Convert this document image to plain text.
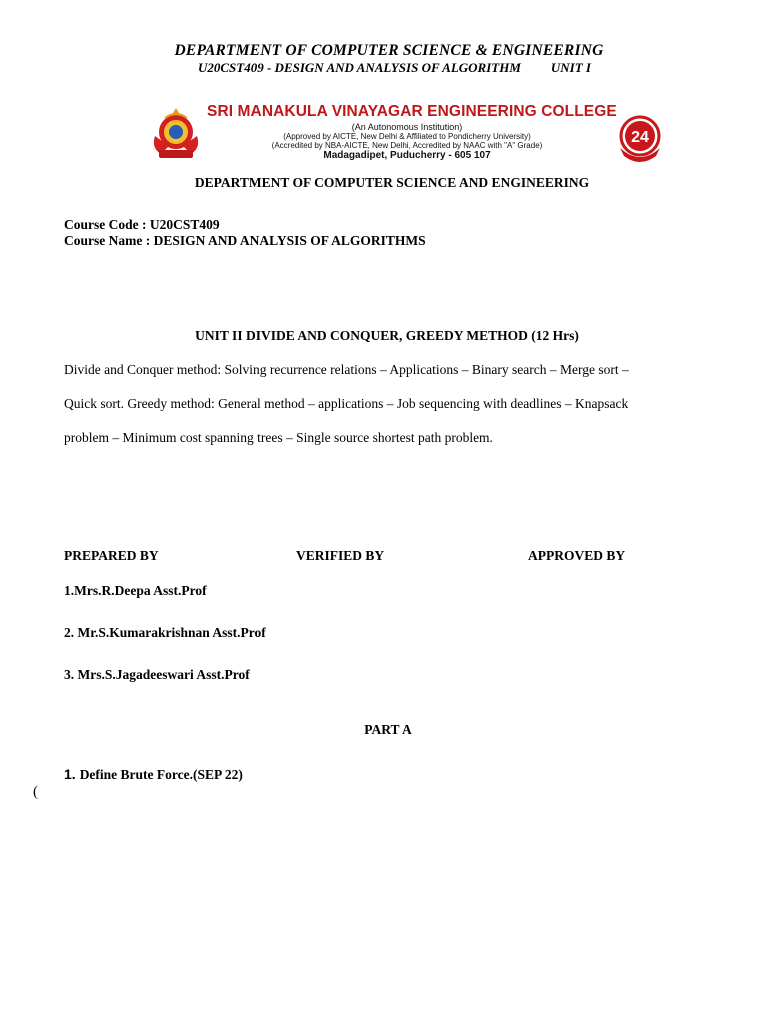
DEPARTMENT OF COMPUTER SCIENCE & ENGINEERING
U20CST409 - DESIGN AND ANALYSIS OF ALGORITHM UNIT I
SRI MANAKULA VINAYAGAR ENGINEERING COLLEGE
(An Autonomous Institution)
(Approved by AICTE, New Delhi & Affiliated to Pondicherry University)
(Accredited by NBA-AICTE, New Delhi, Accredited by NAAC with "A" Grade)
Madagadipet, Puducherry - 605 107
24
DEPARTMENT OF COMPUTER SCIENCE AND ENGINEERING
Course Code : U20CST409
Course Name : DESIGN AND ANALYSIS OF ALGORITHMS
UNIT II DIVIDE AND CONQUER, GREEDY METHOD (12 Hrs)
Divide and Conquer method: Solving recurrence relations – Applications – Binary search – Merge sort –
Quick sort. Greedy method: General method – applications – Job sequencing with deadlines – Knapsack
problem – Minimum cost spanning trees – Single source shortest path problem.
PREPARED BY	VERIFIED BY	APPROVED BY
1.Mrs.R.Deepa Asst.Prof
2. Mr.S.Kumarakrishnan Asst.Prof
3. Mrs.S.Jagadeeswari Asst.Prof
PART A
1. Define Brute Force.(SEP 22)
(
